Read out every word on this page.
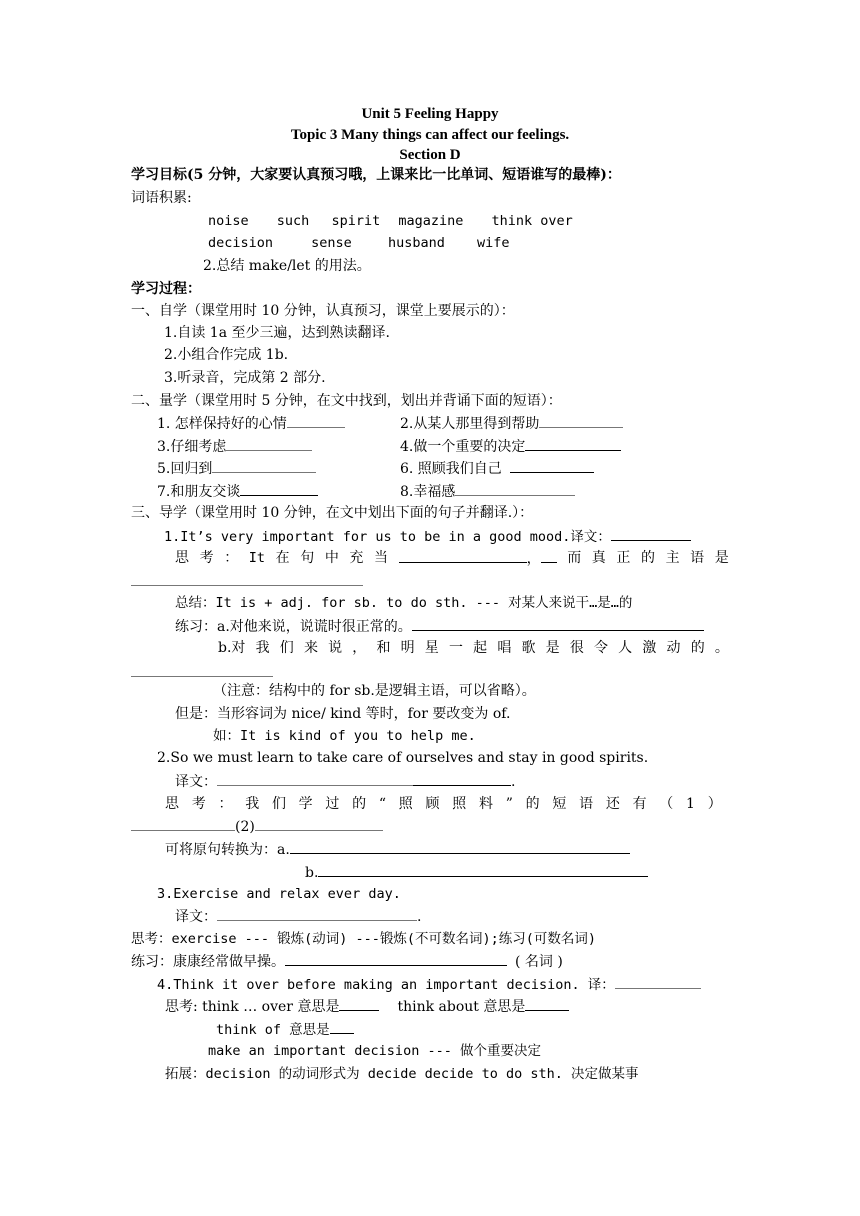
Unit 5 Feeling Happy
Topic 3 Many things can affect our feelings.
Section D
学习目标(5 分钟，大家要认真预习哦，上课来比一比单词、短语谁写的最棒)：
词语积累:
noise such spirit magazine think over
decision	sense	husband wife
2.总结 make/let 的用法。
学习过程：
一、自学（课堂用时 10 分钟，认真预习，课堂上要展示的）：
1.自读 1a 至少三遍，达到熟读翻译.
2.小组合作完成 1b.
3.听录音，完成第 2 部分.
二、量学（课堂用时 5 分钟，在文中找到，划出并背诵下面的短语）：
1. 怎样保持好的心情	2.从某人那里得到帮助
3.仔细考虑	4.做一个重要的决定
5.回归到	6. 照顾我们自己
7.和朋友交谈	8.幸福感
三、导学（课堂用时 10 分钟，在文中划出下面的句子并翻译.）：
1.It’s very important for us to be in a good mood.译文：
思 考 ： It 在 句 中 充 当	，	而 真 正 的 主 语 是
总结：It is + adj. for sb. to do sth. --- 对某人来说干…是…的
练习：a.对他来说，说谎时很正常的。
b.对 我 们 来 说 ， 和 明 星 一 起 唱 歌 是 很 令 人 激 动 的 。
（注意：结构中的 for sb.是逻辑主语，可以省略）。
但是：当形容词为 nice/ kind 等时，for 要改变为 of.
如：It is kind of you to help me.
2.So we must learn to take care of ourselves and stay in good spirits.
译文：	.
思 考 ： 我 们 学 过 的 “ 照 顾 照 料 ” 的 短 语 还 有 （ 1 ）
(2)
可将原句转换为：a.
b.
3.Exercise and relax ever day.
译文：	.
思考：exercise --- 锻炼(动词) ---锻炼(不可数名词);练习(可数名词)
练习：康康经常做早操。	( 名词 )
4.Think it over before making an important decision. 译：
思考: think … over 意思是	think about 意思是
think of 意思是
make an important decision --- 做个重要决定
拓展：decision 的动词形式为 decide decide to do sth. 决定做某事
